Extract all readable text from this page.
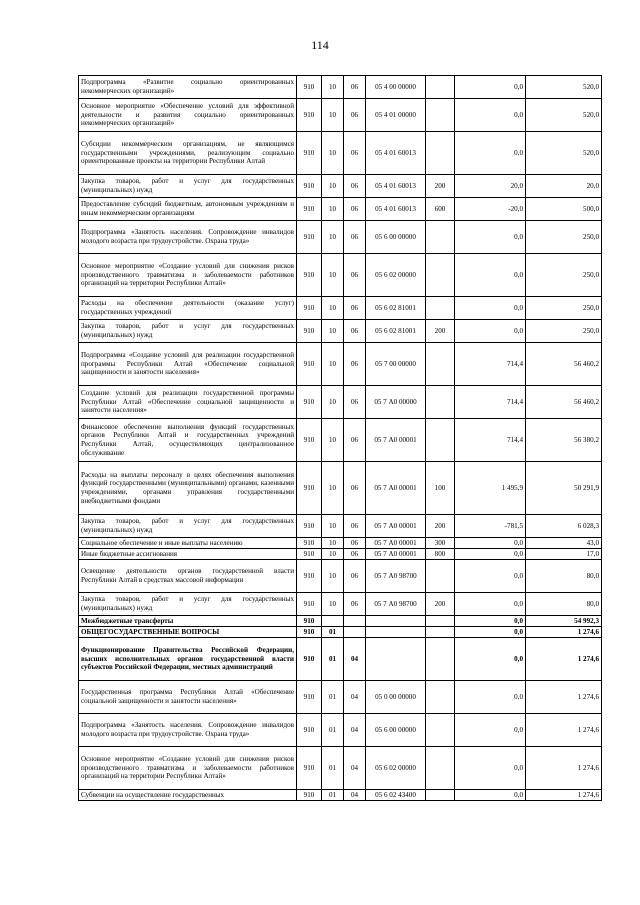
114
Подпрограмма «Развитие социально ориентированных некоммерческих организаций»	910	10	06	05 4 00 00000		0,0	520,0
Основное мероприятие «Обеспечение условий для эффективной деятельности и развития социально ориентированных некоммерческих организаций»	910	10	06	05 4 01 00000		0,0	520,0
Субсидии некоммерческим организациям, не являющимся государственными учреждениями, реализующим социально ориентированные проекты на территории Республики Алтай	910	10	06	05 4 01 60013		0,0	520,0
Закупка товаров, работ и услуг для государственных (муниципальных) нужд	910	10	06	05 4 01 60013	200	20,0	20,0
Предоставление субсидий бюджетным, автономным учреждениям и иным некоммерческим организациям	910	10	06	05 4 01 60013	600	-20,0	500,0
Подпрограмма «Занятость населения. Сопровождение инвалидов молодого возраста при трудоустройстве. Охрана труда»	910	10	06	05 6 00 00000		0,0	250,0
Основное мероприятие «Создание условий для снижения рисков производственного травматизма и заболеваемости работников организаций на территории Республики Алтай»	910	10	06	05 6 02 00000		0,0	250,0
Расходы на обеспечение деятельности (оказание услуг) государственных учреждений	910	10	06	05 6 02 81001		0,0	250,0
Закупка товаров, работ и услуг для государственных (муниципальных) нужд	910	10	06	05 6 02 81001	200	0,0	250,0
Подпрограмма «Создание условий для реализации государственной программы Республики Алтай «Обеспечение социальной защищенности и занятости населения»	910	10	06	05 7 00 00000		714,4	56 460,2
Создание условий для реализации государственной программы Республики Алтай «Обеспечение социальной защищенности и занятости населения»	910	10	06	05 7 А0 00000		714,4	56 460,2
Финансовое обеспечение выполнения функций государственных органов Республики Алтай и государственных учреждений Республики Алтай, осуществляющих централизованное обслуживание	910	10	06	05 7 А0 00001		714,4	56 380,2
Расходы на выплаты персоналу в целях обеспечения выполнения функций государственными (муниципальными) органами, казенными учреждениями, органами управления государственными внебюджетными фондами	910	10	06	05 7 А0 00001	100	1 495,9	50 291,9
Закупка товаров, работ и услуг для государственных (муниципальных) нужд	910	10	06	05 7 А0 00001	200	-781,5	6 028,3
Социальное обеспечение и иные выплаты населению	910	10	06	05 7 А0 00001	300	0,0	43,0
Иные бюджетные ассигнования	910	10	06	05 7 А0 00001	800	0,0	17,0
Освещение деятельности органов государственной власти Республики Алтай в средствах массовой информации	910	10	06	05 7 А0 98700		0,0	80,0
Закупка товаров, работ и услуг для государственных (муниципальных) нужд	910	10	06	05 7 А0 98700	200	0,0	80,0
Межбюджетные трансферты	910					0,0	54 992,3
ОБЩЕГОСУДАРСТВЕННЫЕ ВОПРОСЫ	910	01				0,0	1 274,6
Функционирование Правительства Российской Федерации, высших исполнительных органов государственной власти субъектов Российской Федерации, местных администраций	910	01	04			0,0	1 274,6
Государственная программа Республики Алтай «Обеспечение социальной защищенности и занятости населения»	910	01	04	05 0 00 00000		0,0	1 274,6
Подпрограмма «Занятость населения. Сопровождение инвалидов молодого возраста при трудоустройстве. Охрана труда»	910	01	04	05 6 00 00000		0,0	1 274,6
Основное мероприятие «Создание условий для снижения рисков производственного травматизма и заболеваемости работников организаций на территории Республики Алтай»	910	01	04	05 6 02 00000		0,0	1 274,6
Субвенции на осуществление государственных	910	01	04	05 6 02 43400		0,0	1 274,6
